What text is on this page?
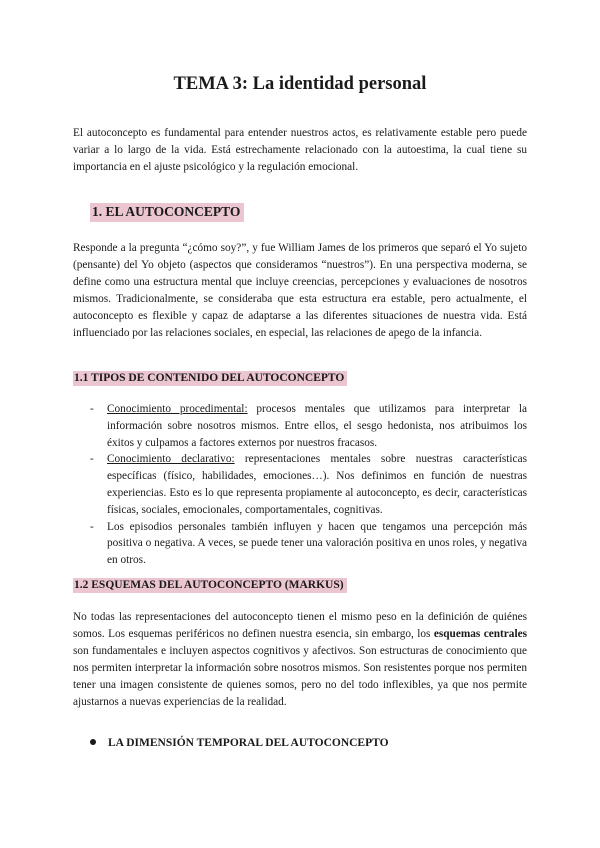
TEMA 3: La identidad personal

El autoconcepto es fundamental para entender nuestros actos, es relativamente estable pero puede variar a lo largo de la vida. Está estrechamente relacionado con la autoestima, la cual tiene su importancia en el ajuste psicológico y la regulación emocional.

1. EL AUTOCONCEPTO

Responde a la pregunta “¿cómo soy?”, y fue William James de los primeros que separó el Yo sujeto (pensante) del Yo objeto (aspectos que consideramos “nuestros”). En una perspectiva moderna, se define como una estructura mental que incluye creencias, percepciones y evaluaciones de nosotros mismos. Tradicionalmente, se consideraba que esta estructura era estable, pero actualmente, el autoconcepto es flexible y capaz de adaptarse a las diferentes situaciones de nuestra vida. Está influenciado por las relaciones sociales, en especial, las relaciones de apego de la infancia.

1.1 TIPOS DE CONTENIDO DEL AUTOCONCEPTO
- Conocimiento procedimental: procesos mentales que utilizamos para interpretar la información sobre nosotros mismos. Entre ellos, el sesgo hedonista, nos atribuimos los éxitos y culpamos a factores externos por nuestros fracasos.
- Conocimiento declarativo: representaciones mentales sobre nuestras características específicas (físico, habilidades, emociones…). Nos definimos en función de nuestras experiencias. Esto es lo que representa propiamente al autoconcepto, es decir, características físicas, sociales, emocionales, comportamentales, cognitivas.
- Los episodios personales también influyen y hacen que tengamos una percepción más positiva o negativa. A veces, se puede tener una valoración positiva en unos roles, y negativa en otros.
1.2 ESQUEMAS DEL AUTOCONCEPTO (MARKUS)

No todas las representaciones del autoconcepto tienen el mismo peso en la definición de quiénes somos. Los esquemas periféricos no definen nuestra esencia, sin embargo, los esquemas centrales son fundamentales e incluyen aspectos cognitivos y afectivos. Son estructuras de conocimiento que nos permiten interpretar la información sobre nosotros mismos. Son resistentes porque nos permiten tener una imagen consistente de quienes somos, pero no del todo inflexibles, ya que nos permite ajustarnos a nuevas experiencias de la realidad.

LA DIMENSIÓN TEMPORAL DEL AUTOCONCEPTO
